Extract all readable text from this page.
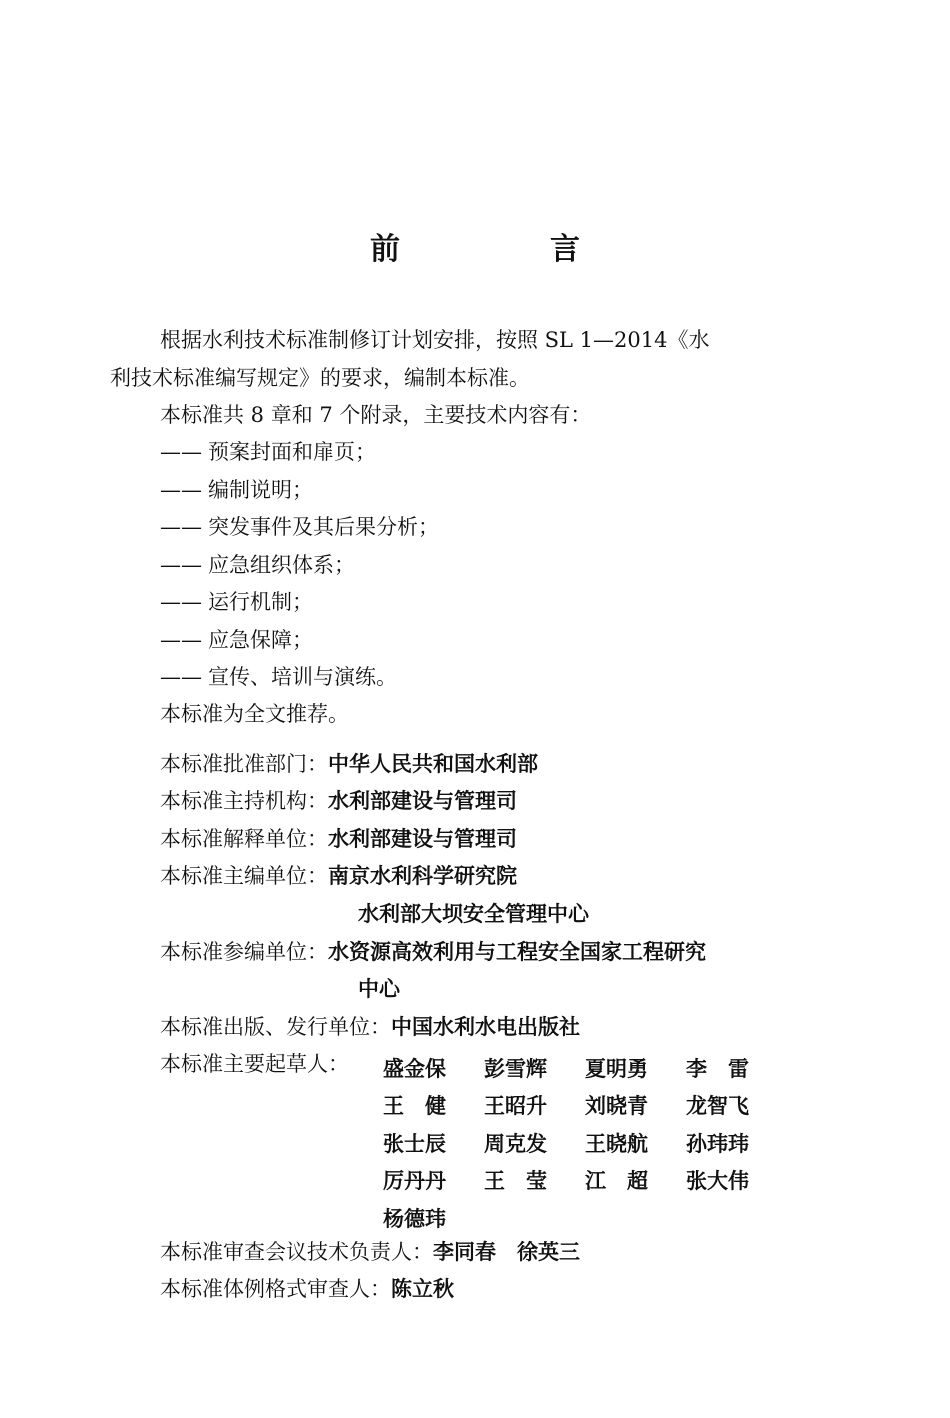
前　言
根据水利技术标准制修订计划安排，按照 SL 1—2014《水
利技术标准编写规定》的要求，编制本标准。
本标准共 8 章和 7 个附录，主要技术内容有：
—— 预案封面和扉页；
—— 编制说明；
—— 突发事件及其后果分析；
—— 应急组织体系；
—— 运行机制；
—— 应急保障；
—— 宣传、培训与演练。
本标准为全文推荐。
本标准批准部门：中华人民共和国水利部
本标准主持机构：水利部建设与管理司
本标准解释单位：水利部建设与管理司
本标准主编单位：南京水利科学研究院
水利部大坝安全管理中心
本标准参编单位：水资源高效利用与工程安全国家工程研究
中心
本标准出版、发行单位：中国水利水电出版社
本标准主要起草人： 盛金保	彭雪辉	夏明勇	李　雷
王　健	王昭升	刘晓青	龙智飞
张士辰	周克发	王晓航	孙玮玮
厉丹丹	王　莹	江　超	张大伟
杨德玮
本标准审查会议技术负责人：李同春　徐英三
本标准体例格式审查人：陈立秋
